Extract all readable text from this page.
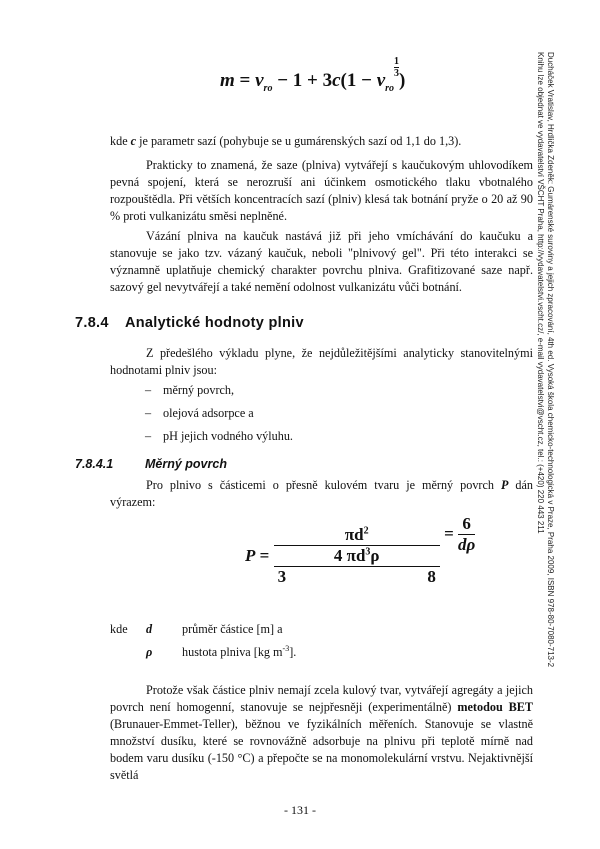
Ducháček Vratislav, Hrdlička Zdeněk: Gumárenské suroviny a jejich zpracování, 4th ed. Vysoká škola chemicko-technologická v Praze, Praha 2009, ISBN 978-80-7080-713-2
Knihu lze objednat ve vydavatelství VŠCHT Praha, http://vydavatelstvi.vscht.cz/, e-mail vydavatelstvi@vscht.cz, tel.: (+420) 220 443 211
$m = v_{ro} - 1 + 3c(1 - v_{ro}$
$\frac{1}{3}$
)

kde c je parametr sazí (pohybuje se u gumárenských sazí od 1,1 do 1,3).

Prakticky to znamená, že saze (plniva) vytvářejí s kaučukovým uhlovodíkem pevná spojení, která se nerozruší ani účinkem osmotického tlaku vbotnalého rozpouštědla. Při větších koncentracích sazí (plniv) klesá tak botnání pryže o 20 až 90 % proti vulkanizátu směsi neplněné.

Vázání plniva na kaučuk nastává již při jeho vmíchávání do kaučuku a stanovuje se jako tzv. vázaný kaučuk, neboli "plnivový gel". Při této interakci se významně uplatňuje chemický charakter povrchu plniva. Grafitizované saze např. sazový gel nevytvářejí a také nemění odolnost vulkanizátu vůči botnání.

7.8.4 Analytické hodnoty plniv

Z předešlého výkladu plyne, že nejdůležitějšími analyticky stanovitelnými hodnotami plniv jsou:

– měrný povrch,
– olejová adsorpce a
– pH jejich vodného výluhu.
7.8.4.1	Měrný povrch

Pro plnivo s částicemi o přesně kulovém tvaru je měrný povrch P dán výrazem:

$P = \pi d^2$
4 $\pi d^3\rho$
3	$8 = \frac{6}{d\rho}$
kde d průměr částice [m] a
ρ hustota plniva [kg $m^{-3}$].

Protože však částice plniv nemají zcela kulový tvar, vytvářejí agregáty a jejich povrch není homogenní, stanovuje se nejpřesněji (experimentálně) metodou BET (Brunauer-Emmet-Teller), běžnou ve fyzikálních měřeních. Stanovuje se vlastně množství dusíku, které se rovnovážně adsorbuje na plnivu při teplotě mírně nad bodem varu dusíku (-150 °C) a přepočte se na monomolekulární vrstvu. Nejaktivnější světlá

- 131 -
